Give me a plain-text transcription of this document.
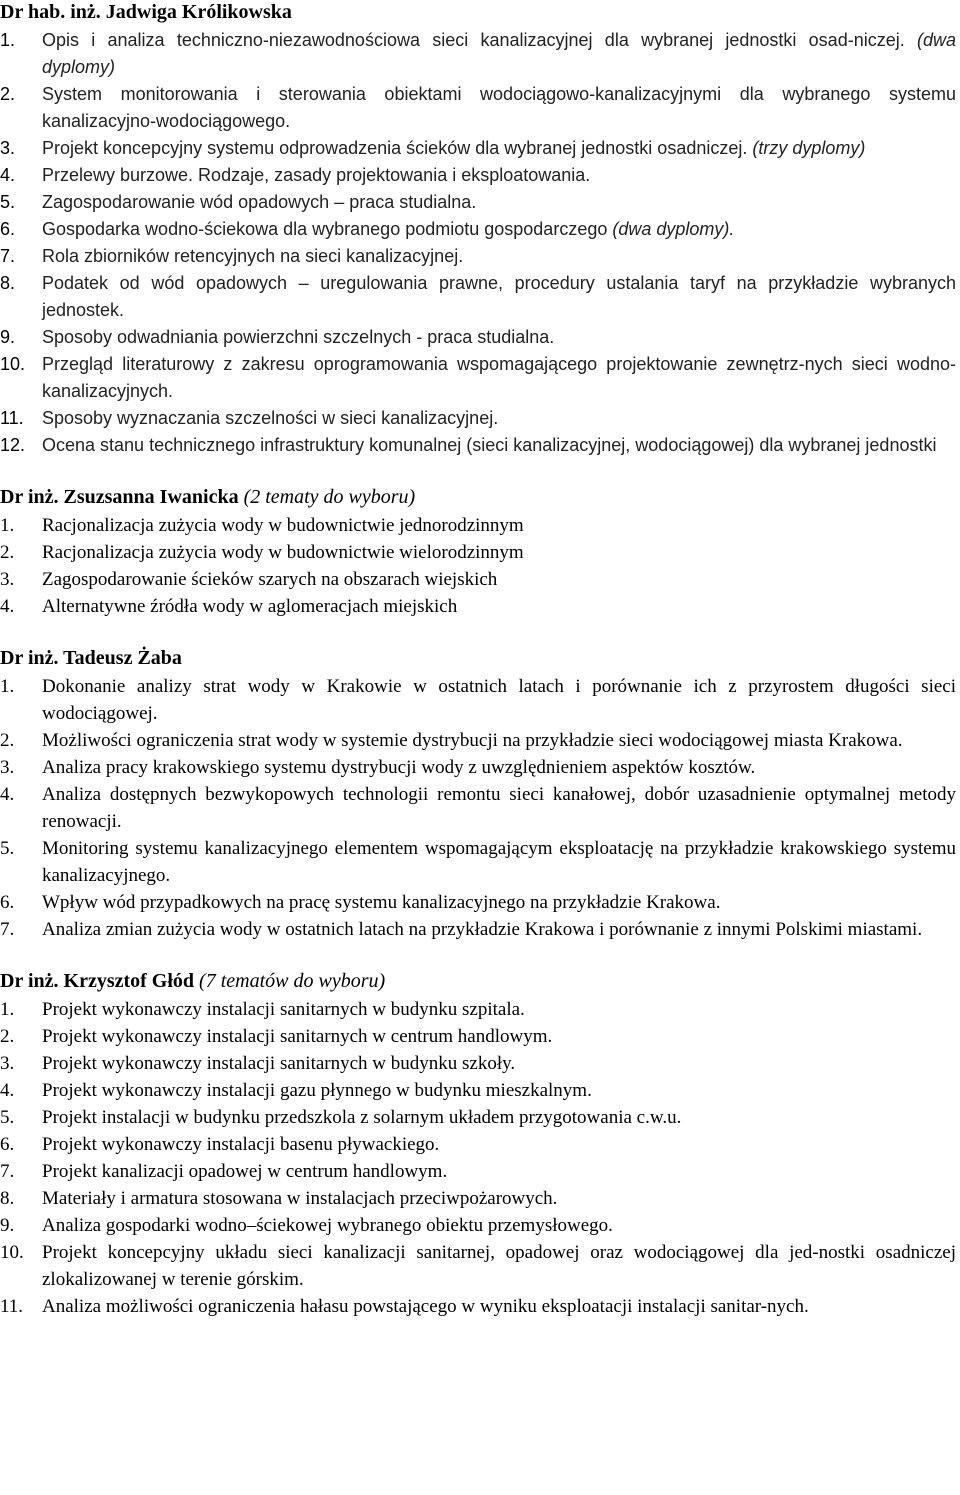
Dr hab. inż. Jadwiga Królikowska
1.	Opis i analiza techniczno-niezawodnościowa sieci kanalizacyjnej dla wybranej jednostki osad-niczej. (dwa dyplomy)
2.	System monitorowania i sterowania obiektami wodociągowo-kanalizacyjnymi dla wybranego systemu kanalizacyjno-wodociągowego.
3.	Projekt koncepcyjny systemu odprowadzenia ścieków dla wybranej jednostki osadniczej. (trzy dyplomy)
4.	Przelewy burzowe. Rodzaje, zasady projektowania i eksploatowania.
5.	Zagospodarowanie wód opadowych – praca studialna.
6.	Gospodarka wodno-ściekowa dla wybranego podmiotu gospodarczego (dwa dyplomy).
7.	Rola zbiorników retencyjnych na sieci kanalizacyjnej.
8.	Podatek od wód opadowych – uregulowania prawne, procedury ustalania taryf na przykładzie wybranych jednostek.
9.	Sposoby odwadniania powierzchni szczelnych - praca studialna.
10. Przegląd literaturowy z zakresu oprogramowania wspomagającego projektowanie zewnętrz-nych sieci wodno-kanalizacyjnych.
11.	Sposoby wyznaczania szczelności w sieci kanalizacyjnej.
12. Ocena stanu technicznego infrastruktury komunalnej (sieci kanalizacyjnej, wodociągowej) dla wybranej jednostki
Dr inż. Zsuzsanna Iwanicka (2 tematy do wyboru)
1.	Racjonalizacja zużycia wody w budownictwie jednorodzinnym
2.	Racjonalizacja zużycia wody w budownictwie wielorodzinnym
3.	Zagospodarowanie ścieków szarych na obszarach wiejskich
4.	Alternatywne źródła wody w aglomeracjach miejskich
Dr inż. Tadeusz Żaba
1.	Dokonanie analizy strat wody w Krakowie w ostatnich latach i porównanie ich z przyrostem długości sieci wodociągowej.
2.	Możliwości ograniczenia strat wody w systemie dystrybucji na przykładzie sieci wodociągowej miasta Krakowa.
3.	Analiza pracy krakowskiego systemu dystrybucji wody z uwzględnieniem aspektów kosztów.
4.	Analiza dostępnych bezwykopowych technologii remontu sieci kanałowej, dobór uzasadnienie optymalnej metody renowacji.
5.	Monitoring systemu kanalizacyjnego elementem wspomagającym eksploatację na przykładzie krakowskiego systemu kanalizacyjnego.
6.	Wpływ wód przypadkowych na pracę systemu kanalizacyjnego na przykładzie Krakowa.
7.	Analiza zmian zużycia wody w ostatnich latach na przykładzie Krakowa i porównanie z innymi Polskimi miastami.
Dr inż. Krzysztof Głód (7 tematów do wyboru)
1.	Projekt wykonawczy instalacji sanitarnych w budynku szpitala.
2.	Projekt wykonawczy instalacji sanitarnych w centrum handlowym.
3.	Projekt wykonawczy instalacji sanitarnych w budynku szkoły.
4.	Projekt wykonawczy instalacji gazu płynnego w budynku mieszkalnym.
5.	Projekt instalacji w budynku przedszkola z solarnym układem przygotowania c.w.u.
6.	Projekt wykonawczy instalacji basenu pływackiego.
7.	Projekt kanalizacji opadowej w centrum handlowym.
8.	Materiały i armatura stosowana w instalacjach przeciwpożarowych.
9.	Analiza gospodarki wodno–ściekowej wybranego obiektu przemysłowego.
10. Projekt koncepcyjny układu sieci kanalizacji sanitarnej, opadowej oraz wodociągowej dla jed-nostki osadniczej zlokalizowanej w terenie górskim.
11. Analiza możliwości ograniczenia hałasu powstającego w wyniku eksploatacji instalacji sanitar-nych.
